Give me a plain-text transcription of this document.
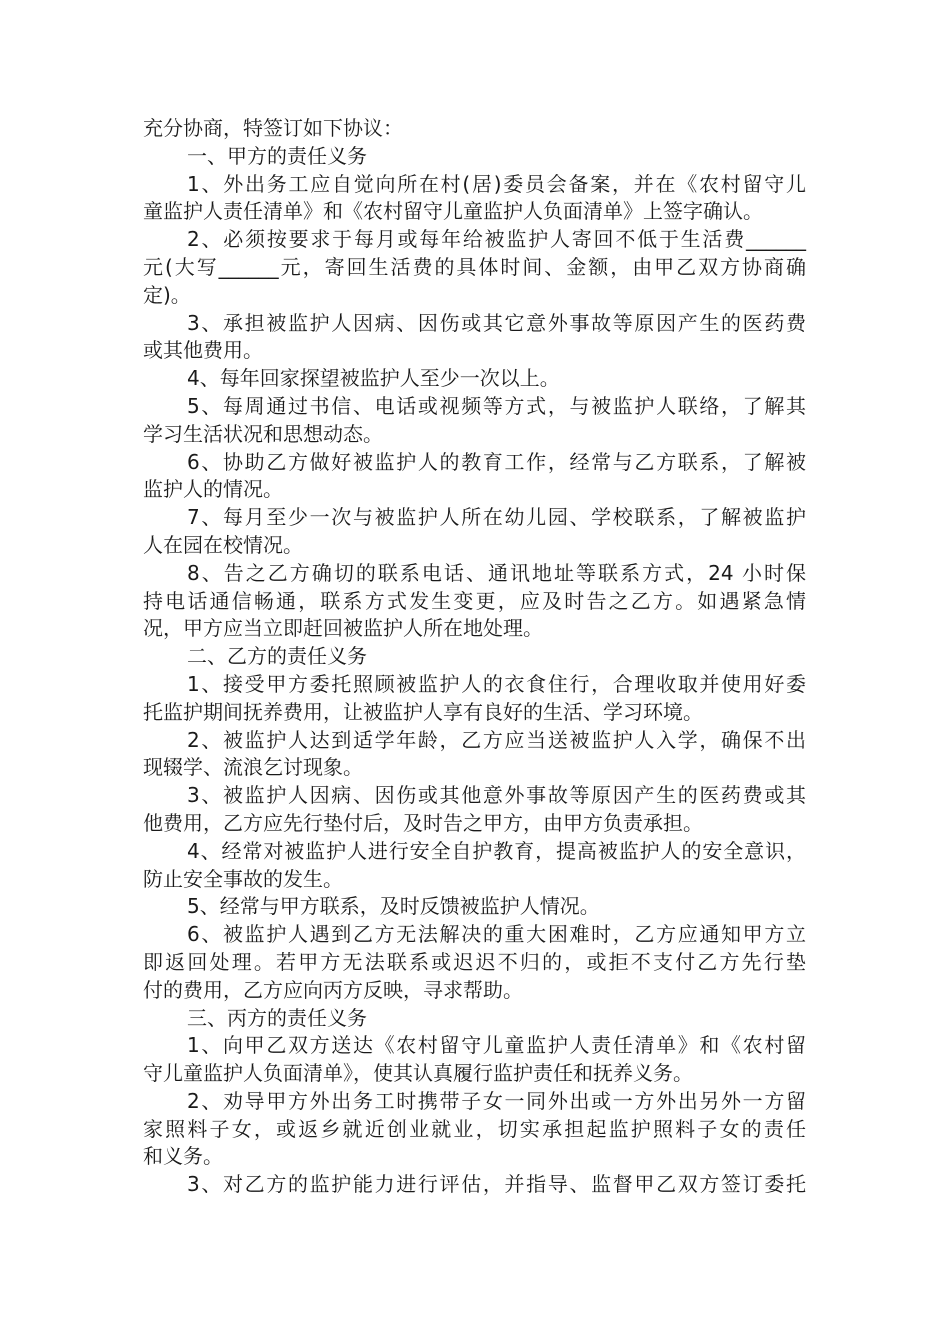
充分协商，特签订如下协议：
一、甲方的责任义务
1、外出务工应自觉向所在村(居)委员会备案，并在《农村留守儿
童监护人责任清单》和《农村留守儿童监护人负面清单》上签字确认。
2、必须按要求于每月或每年给被监护人寄回不低于生活费______
元(大写______元，寄回生活费的具体时间、金额，由甲乙双方协商确
定)。
3、承担被监护人因病、因伤或其它意外事故等原因产生的医药费
或其他费用。
4、每年回家探望被监护人至少一次以上。
5、每周通过书信、电话或视频等方式，与被监护人联络，了解其
学习生活状况和思想动态。
6、协助乙方做好被监护人的教育工作，经常与乙方联系，了解被
监护人的情况。
7、每月至少一次与被监护人所在幼儿园、学校联系，了解被监护
人在园在校情况。
8、告之乙方确切的联系电话、通讯地址等联系方式，24 小时保
持电话通信畅通，联系方式发生变更，应及时告之乙方。如遇紧急情
况，甲方应当立即赶回被监护人所在地处理。
二、乙方的责任义务
1、接受甲方委托照顾被监护人的衣食住行，合理收取并使用好委
托监护期间抚养费用，让被监护人享有良好的生活、学习环境。
2、被监护人达到适学年龄，乙方应当送被监护人入学，确保不出
现辍学、流浪乞讨现象。
3、被监护人因病、因伤或其他意外事故等原因产生的医药费或其
他费用，乙方应先行垫付后，及时告之甲方，由甲方负责承担。
4、经常对被监护人进行安全自护教育，提高被监护人的安全意识，
防止安全事故的发生。
5、经常与甲方联系，及时反馈被监护人情况。
6、被监护人遇到乙方无法解决的重大困难时，乙方应通知甲方立
即返回处理。若甲方无法联系或迟迟不归的，或拒不支付乙方先行垫
付的费用，乙方应向丙方反映，寻求帮助。
三、丙方的责任义务
1、向甲乙双方送达《农村留守儿童监护人责任清单》和《农村留
守儿童监护人负面清单》，使其认真履行监护责任和抚养义务。
2、劝导甲方外出务工时携带子女一同外出或一方外出另外一方留
家照料子女，或返乡就近创业就业，切实承担起监护照料子女的责任
和义务。
3、对乙方的监护能力进行评估，并指导、监督甲乙双方签订委托
